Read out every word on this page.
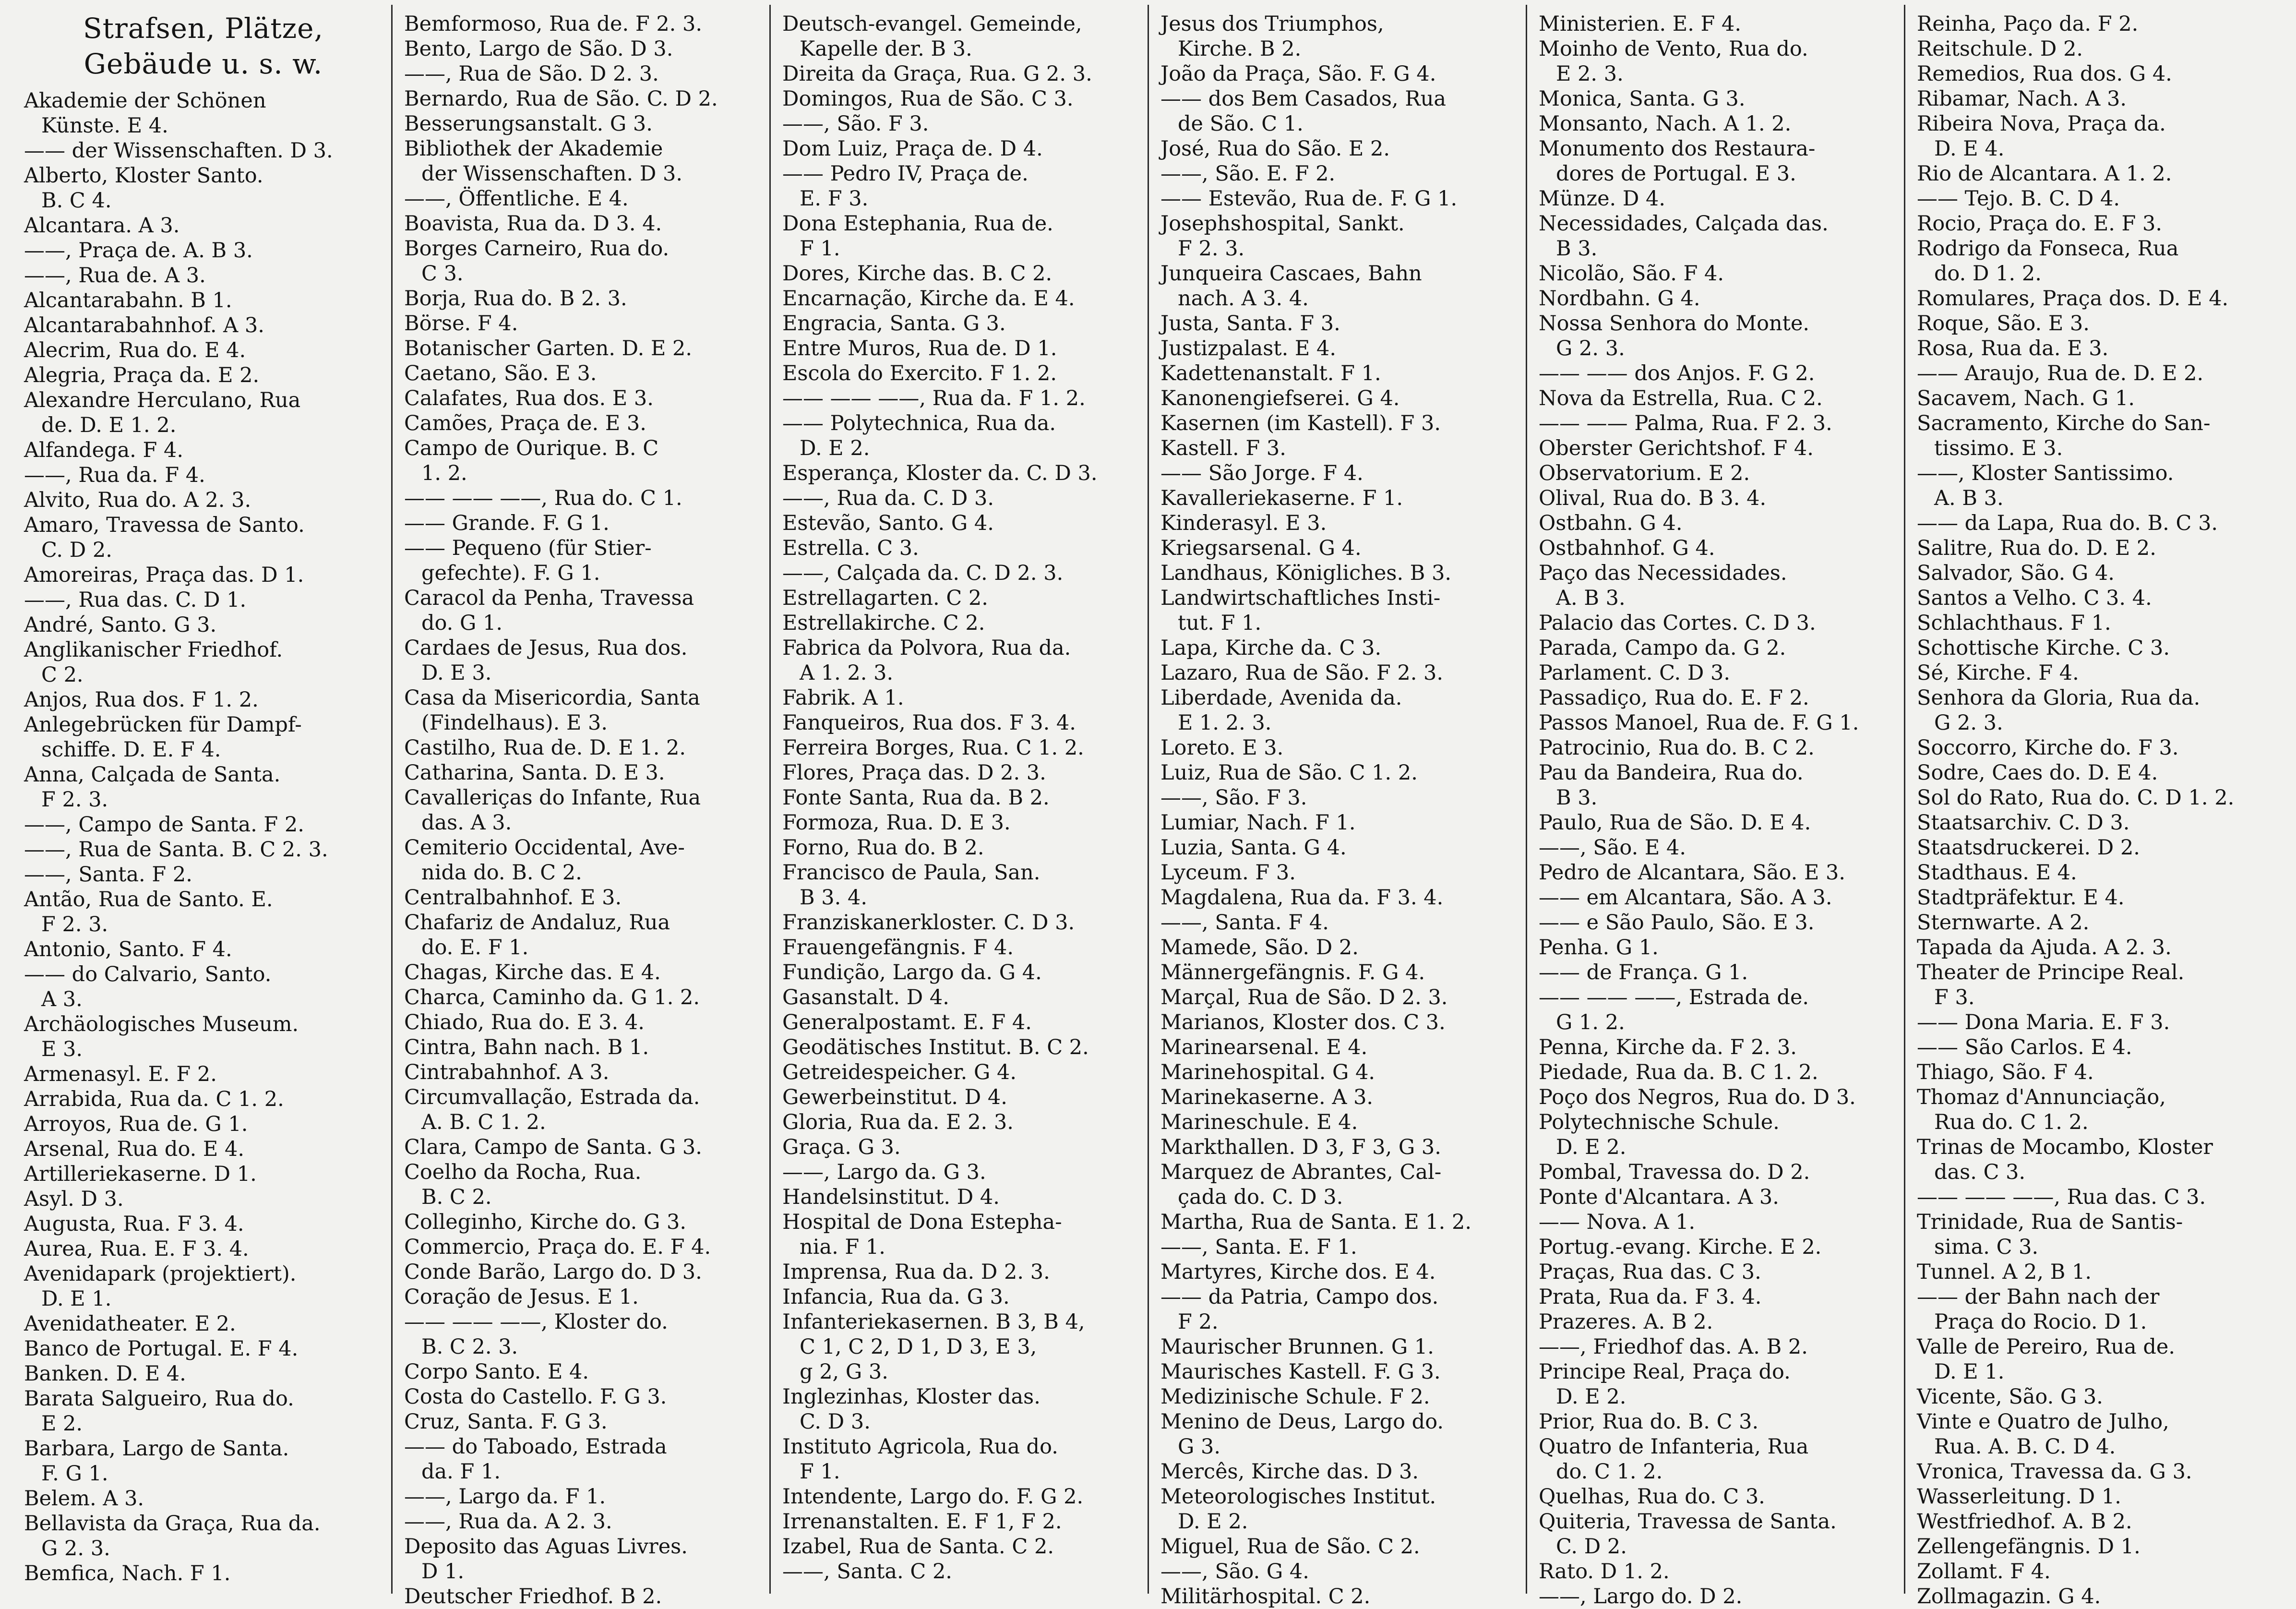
Strafsen, Plätze,
Gebäude u. s. w.

Akademie der Schönen
Künste. E 4.

—— der Wissenschaften. D 3.

Alberto, Kloster Santo.
B. C 4.

Alcantara. A 3.

——, Praça de. A. B 3.

——, Rua de. A 3.

Alcantarabahn. B 1.

Alcantarabahnhof. A 3.

Alecrim, Rua do. E 4.

Alegria, Praça da. E 2.

Alexandre Herculano, Rua
de. D. E 1. 2.

Alfandega. F 4.

——, Rua da. F 4.

Alvito, Rua do. A 2. 3.

Amaro, Travessa de Santo.
C. D 2.

Amoreiras, Praça das. D 1.

——, Rua das. C. D 1.

André, Santo. G 3.

Anglikanischer Friedhof.
C 2.

Anjos, Rua dos. F 1. 2.

Anlegebrücken für Dampf-
schiffe. D. E. F 4.

Anna, Calçada de Santa.
F 2. 3.

——, Campo de Santa. F 2.

——, Rua de Santa. B. C 2. 3.

——, Santa. F 2.

Antão, Rua de Santo. E.
F 2. 3.

Antonio, Santo. F 4.

—— do Calvario, Santo.
A 3.

Archäologisches Museum.
E 3.

Armenasyl. E. F 2.

Arrabida, Rua da. C 1. 2.

Arroyos, Rua de. G 1.

Arsenal, Rua do. E 4.

Artilleriekaserne. D 1.

Asyl. D 3.

Augusta, Rua. F 3. 4.

Aurea, Rua. E. F 3. 4.

Avenidapark (projektiert).
D. E 1.

Avenidatheater. E 2.

Banco de Portugal. E. F 4.

Banken. D. E 4.

Barata Salgueiro, Rua do.
E 2.

Barbara, Largo de Santa.
F. G 1.

Belem. A 3.

Bellavista da Graça, Rua da.
G 2. 3.

Bemfica, Nach. F 1.

Bemformoso, Rua de. F 2. 3.

Bento, Largo de São. D 3.

——, Rua de São. D 2. 3.

Bernardo, Rua de São. C. D 2.

Besserungsanstalt. G 3.

Bibliothek der Akademie
der Wissenschaften. D 3.

——, Öffentliche. E 4.

Boavista, Rua da. D 3. 4.

Borges Carneiro, Rua do.
C 3.

Borja, Rua do. B 2. 3.

Börse. F 4.

Botanischer Garten. D. E 2.

Caetano, São. E 3.

Calafates, Rua dos. E 3.

Camões, Praça de. E 3.

Campo de Ourique. B. C
1. 2.

—— —— ——, Rua do. C 1.

—— Grande. F. G 1.

—— Pequeno (für Stier-
gefechte). F. G 1.

Caracol da Penha, Travessa
do. G 1.

Cardaes de Jesus, Rua dos.
D. E 3.

Casa da Misericordia, Santa
(Findelhaus). E 3.

Castilho, Rua de. D. E 1. 2.

Catharina, Santa. D. E 3.

Cavalleriças do Infante, Rua
das. A 3.

Cemiterio Occidental, Ave-
nida do. B. C 2.

Centralbahnhof. E 3.

Chafariz de Andaluz, Rua
do. E. F 1.

Chagas, Kirche das. E 4.

Charca, Caminho da. G 1. 2.

Chiado, Rua do. E 3. 4.

Cintra, Bahn nach. B 1.

Cintrabahnhof. A 3.

Circumvallação, Estrada da.
A. B. C 1. 2.

Clara, Campo de Santa. G 3.

Coelho da Rocha, Rua.
B. C 2.

Colleginho, Kirche do. G 3.

Commercio, Praça do. E. F 4.

Conde Barão, Largo do. D 3.

Coração de Jesus. E 1.

—— —— ——, Kloster do.
B. C 2. 3.

Corpo Santo. E 4.

Costa do Castello. F. G 3.

Cruz, Santa. F. G 3.

—— do Taboado, Estrada
da. F 1.

——, Largo da. F 1.

——, Rua da. A 2. 3.

Deposito das Aguas Livres.
D 1.

Deutscher Friedhof. B 2.

Deutsch-evangel. Gemeinde,
Kapelle der. B 3.

Direita da Graça, Rua. G 2. 3.

Domingos, Rua de São. C 3.

——, São. F 3.

Dom Luiz, Praça de. D 4.

—— Pedro IV, Praça de.
E. F 3.

Dona Estephania, Rua de.
F 1.

Dores, Kirche das. B. C 2.

Encarnação, Kirche da. E 4.

Engracia, Santa. G 3.

Entre Muros, Rua de. D 1.

Escola do Exercito. F 1. 2.

—— —— ——, Rua da. F 1. 2.

—— Polytechnica, Rua da.
D. E 2.

Esperança, Kloster da. C. D 3.

——, Rua da. C. D 3.

Estevão, Santo. G 4.

Estrella. C 3.

——, Calçada da. C. D 2. 3.

Estrellagarten. C 2.

Estrellakirche. C 2.

Fabrica da Polvora, Rua da.
A 1. 2. 3.

Fabrik. A 1.

Fanqueiros, Rua dos. F 3. 4.

Ferreira Borges, Rua. C 1. 2.

Flores, Praça das. D 2. 3.

Fonte Santa, Rua da. B 2.

Formoza, Rua. D. E 3.

Forno, Rua do. B 2.

Francisco de Paula, San.
B 3. 4.

Franziskanerkloster. C. D 3.

Frauengefängnis. F 4.

Fundição, Largo da. G 4.

Gasanstalt. D 4.

Generalpostamt. E. F 4.

Geodätisches Institut. B. C 2.

Getreidespeicher. G 4.

Gewerbeinstitut. D 4.

Gloria, Rua da. E 2. 3.

Graça. G 3.

——, Largo da. G 3.

Handelsinstitut. D 4.

Hospital de Dona Estepha-
nia. F 1.

Imprensa, Rua da. D 2. 3.

Infancia, Rua da. G 3.

Infanteriekasernen. B 3, B 4,
C 1, C 2, D 1, D 3, E 3,
g 2, G 3.

Inglezinhas, Kloster das.
C. D 3.

Instituto Agricola, Rua do.
F 1.

Intendente, Largo do. F. G 2.

Irrenanstalten. E. F 1, F 2.

Izabel, Rua de Santa. C 2.

——, Santa. C 2.

Jesus dos Triumphos,
Kirche. B 2.

João da Praça, São. F. G 4.

—— dos Bem Casados, Rua
de São. C 1.

José, Rua do São. E 2.

——, São. E. F 2.

—— Estevão, Rua de. F. G 1.

Josephshospital, Sankt.
F 2. 3.

Junqueira Cascaes, Bahn
nach. A 3. 4.

Justa, Santa. F 3.

Justizpalast. E 4.

Kadettenanstalt. F 1.

Kanonengiefserei. G 4.

Kasernen (im Kastell). F 3.

Kastell. F 3.

—— São Jorge. F 4.

Kavalleriekaserne. F 1.

Kinderasyl. E 3.

Kriegsarsenal. G 4.

Landhaus, Königliches. B 3.

Landwirtschaftliches Insti-
tut. F 1.

Lapa, Kirche da. C 3.

Lazaro, Rua de São. F 2. 3.

Liberdade, Avenida da.
E 1. 2. 3.

Loreto. E 3.

Luiz, Rua de São. C 1. 2.

——, São. F 3.

Lumiar, Nach. F 1.

Luzia, Santa. G 4.

Lyceum. F 3.

Magdalena, Rua da. F 3. 4.

——, Santa. F 4.

Mamede, São. D 2.

Männergefängnis. F. G 4.

Marçal, Rua de São. D 2. 3.

Marianos, Kloster dos. C 3.

Marinearsenal. E 4.

Marinehospital. G 4.

Marinekaserne. A 3.

Marineschule. E 4.

Markthallen. D 3, F 3, G 3.

Marquez de Abrantes, Cal-
çada do. C. D 3.

Martha, Rua de Santa. E 1. 2.

——, Santa. E. F 1.

Martyres, Kirche dos. E 4.

—— da Patria, Campo dos.
F 2.

Maurischer Brunnen. G 1.

Maurisches Kastell. F. G 3.

Medizinische Schule. F 2.

Menino de Deus, Largo do.
G 3.

Mercês, Kirche das. D 3.

Meteorologisches Institut.
D. E 2.

Miguel, Rua de São. C 2.

——, São. G 4.

Militärhospital. C 2.

Ministerien. E. F 4.

Moinho de Vento, Rua do.
E 2. 3.

Monica, Santa. G 3.

Monsanto, Nach. A 1. 2.

Monumento dos Restaura-
dores de Portugal. E 3.

Münze. D 4.

Necessidades, Calçada das.
B 3.

Nicolão, São. F 4.

Nordbahn. G 4.

Nossa Senhora do Monte.
G 2. 3.

—— —— dos Anjos. F. G 2.

Nova da Estrella, Rua. C 2.

—— —— Palma, Rua. F 2. 3.

Oberster Gerichtshof. F 4.

Observatorium. E 2.

Olival, Rua do. B 3. 4.

Ostbahn. G 4.

Ostbahnhof. G 4.

Paço das Necessidades.
A. B 3.

Palacio das Cortes. C. D 3.

Parada, Campo da. G 2.

Parlament. C. D 3.

Passadiço, Rua do. E. F 2.

Passos Manoel, Rua de. F. G 1.

Patrocinio, Rua do. B. C 2.

Pau da Bandeira, Rua do.
B 3.

Paulo, Rua de São. D. E 4.

——, São. E 4.

Pedro de Alcantara, São. E 3.

—— em Alcantara, São. A 3.

—— e São Paulo, São. E 3.

Penha. G 1.

—— de França. G 1.

—— —— ——, Estrada de.
G 1. 2.

Penna, Kirche da. F 2. 3.

Piedade, Rua da. B. C 1. 2.

Poço dos Negros, Rua do. D 3.

Polytechnische Schule.
D. E 2.

Pombal, Travessa do. D 2.

Ponte d'Alcantara. A 3.

—— Nova. A 1.

Portug.-evang. Kirche. E 2.

Praças, Rua das. C 3.

Prata, Rua da. F 3. 4.

Prazeres. A. B 2.

——, Friedhof das. A. B 2.

Principe Real, Praça do.
D. E 2.

Prior, Rua do. B. C 3.

Quatro de Infanteria, Rua
do. C 1. 2.

Quelhas, Rua do. C 3.

Quiteria, Travessa de Santa.
C. D 2.

Rato. D 1. 2.

——, Largo do. D 2.

Reinha, Paço da. F 2.

Reitschule. D 2.

Remedios, Rua dos. G 4.

Ribamar, Nach. A 3.

Ribeira Nova, Praça da.
D. E 4.

Rio de Alcantara. A 1. 2.

—— Tejo. B. C. D 4.

Rocio, Praça do. E. F 3.

Rodrigo da Fonseca, Rua
do. D 1. 2.

Romulares, Praça dos. D. E 4.

Roque, São. E 3.

Rosa, Rua da. E 3.

—— Araujo, Rua de. D. E 2.

Sacavem, Nach. G 1.

Sacramento, Kirche do San-
tissimo. E 3.

——, Kloster Santissimo.
A. B 3.

—— da Lapa, Rua do. B. C 3.

Salitre, Rua do. D. E 2.

Salvador, São. G 4.

Santos a Velho. C 3. 4.

Schlachthaus. F 1.

Schottische Kirche. C 3.

Sé, Kirche. F 4.

Senhora da Gloria, Rua da.
G 2. 3.

Soccorro, Kirche do. F 3.

Sodre, Caes do. D. E 4.

Sol do Rato, Rua do. C. D 1. 2.

Staatsarchiv. C. D 3.

Staatsdruckerei. D 2.

Stadthaus. E 4.

Stadtpräfektur. E 4.

Sternwarte. A 2.

Tapada da Ajuda. A 2. 3.

Theater de Principe Real.
F 3.

—— Dona Maria. E. F 3.

—— São Carlos. E 4.

Thiago, São. F 4.

Thomaz d'Annunciação,
Rua do. C 1. 2.

Trinas de Mocambo, Kloster
das. C 3.

—— —— ——, Rua das. C 3.

Trinidade, Rua de Santis-
sima. C 3.

Tunnel. A 2, B 1.

—— der Bahn nach der
Praça do Rocio. D 1.

Valle de Pereiro, Rua de.
D. E 1.

Vicente, São. G 3.

Vinte e Quatro de Julho,
Rua. A. B. C. D 4.

Vronica, Travessa da. G 3.

Wasserleitung. D 1.

Westfriedhof. A. B 2.

Zellengefängnis. D 1.

Zollamt. F 4.

Zollmagazin. G 4.
